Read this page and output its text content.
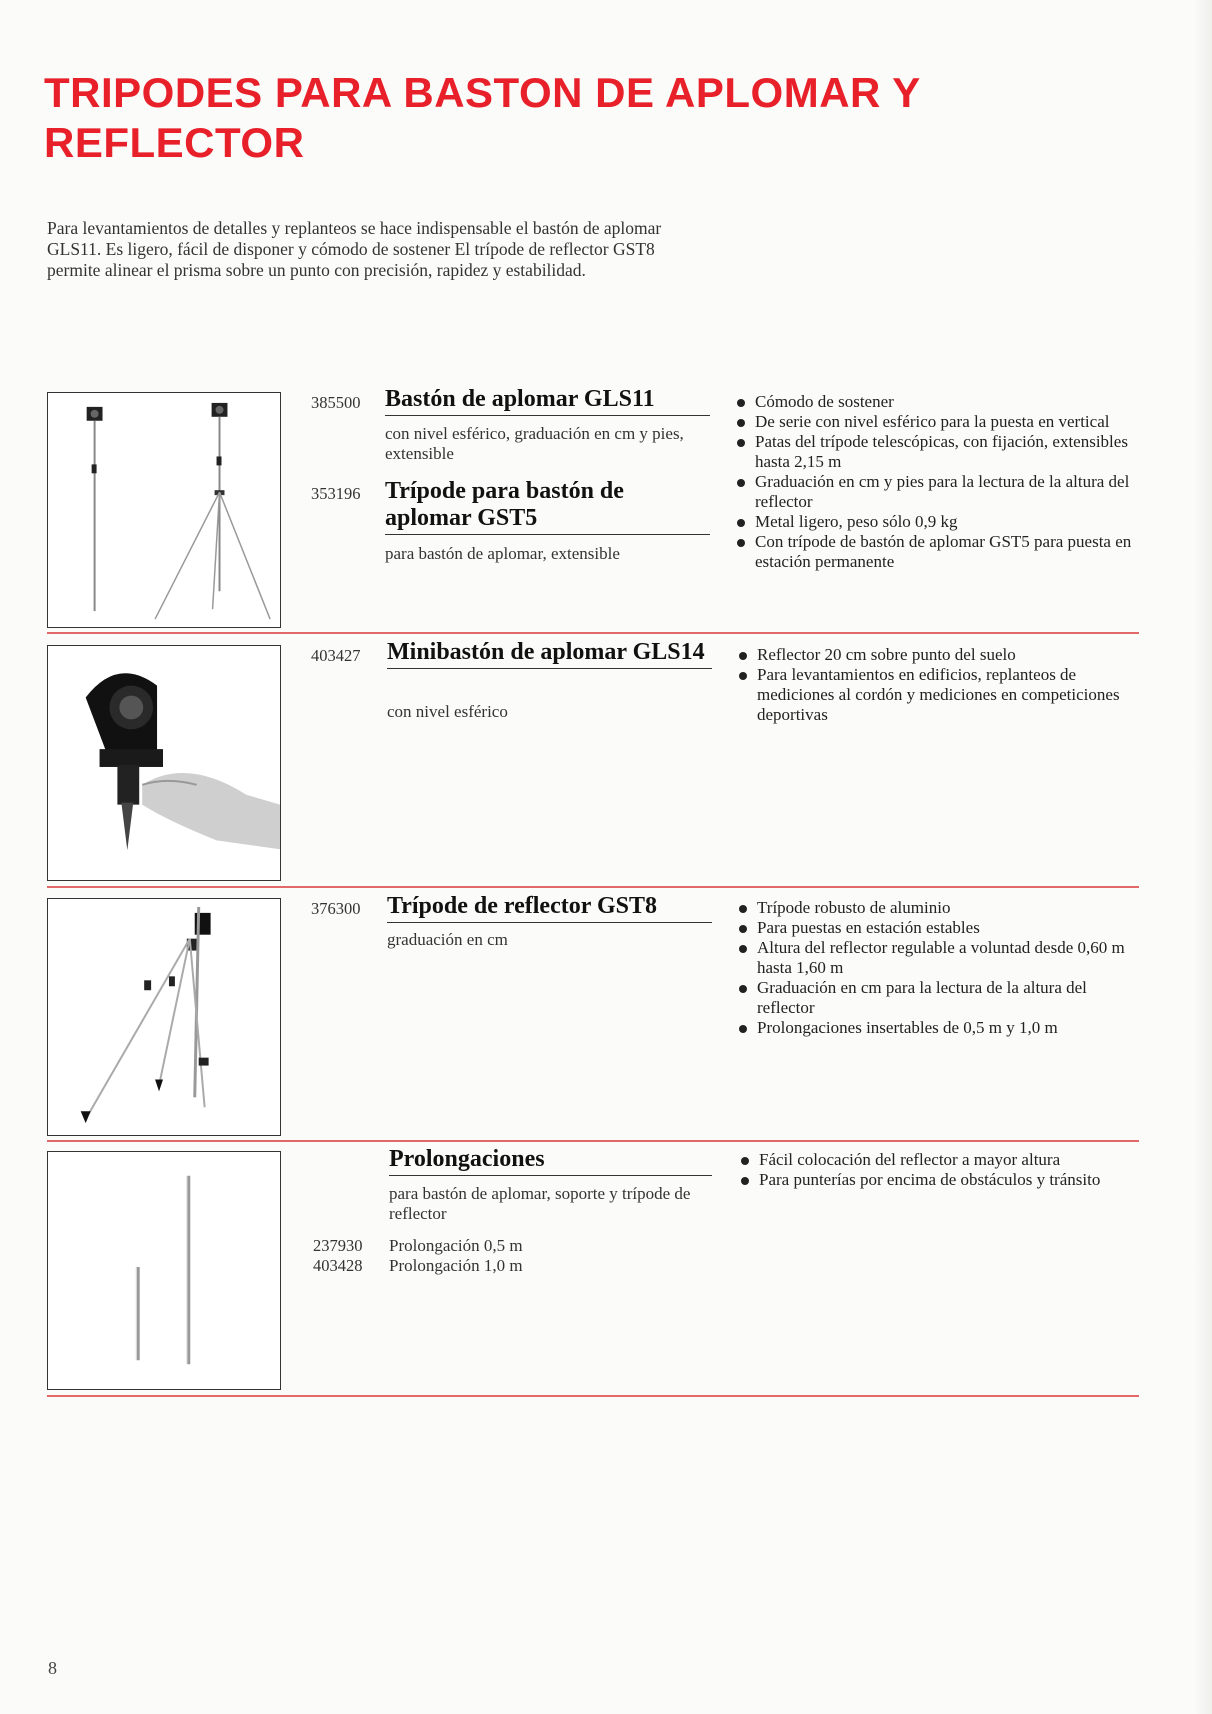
TRIPODES PARA BASTON DE APLOMAR Y REFLECTOR
Para levantamientos de detalles y replanteos se hace indispensable el bastón de aplomar GLS11. Es ligero, fácil de disponer y cómodo de sostener El trípode de reflector GST8 permite alinear el prisma sobre un punto con precisión, rapidez y estabilidad.
385500 Bastón de aplomar GLS11
con nivel esférico, graduación en cm y pies, extensible
353196 Trípode para bastón de aplomar GST5
para bastón de aplomar, extensible
Cómodo de sostener
De serie con nivel esférico para la puesta en vertical
Patas del trípode telescópicas, con fijación, extensibles hasta 2,15 m
Graduación en cm y pies para la lectura de la altura del reflector
Metal ligero, peso sólo 0,9 kg
Con trípode de bastón de aplomar GST5 para puesta en estación permanente
403427 Minibastón de aplomar GLS14
con nivel esférico
Reflector 20 cm sobre punto del suelo
Para levantamientos en edificios, replanteos de mediciones al cordón y mediciones en competiciones deportivas
376300 Trípode de reflector GST8
graduación en cm
Trípode robusto de aluminio
Para puestas en estación estables
Altura del reflector regulable a voluntad desde 0,60 m hasta 1,60 m
Graduación en cm para la lectura de la altura del reflector
Prolongaciones insertables de 0,5 m y 1,0 m
Prolongaciones
para bastón de aplomar, soporte y trípode de reflector
237930 Prolongación 0,5 m
403428 Prolongación 1,0 m
Fácil colocación del reflector a mayor altura
Para punterías por encima de obstáculos y tránsito
8
